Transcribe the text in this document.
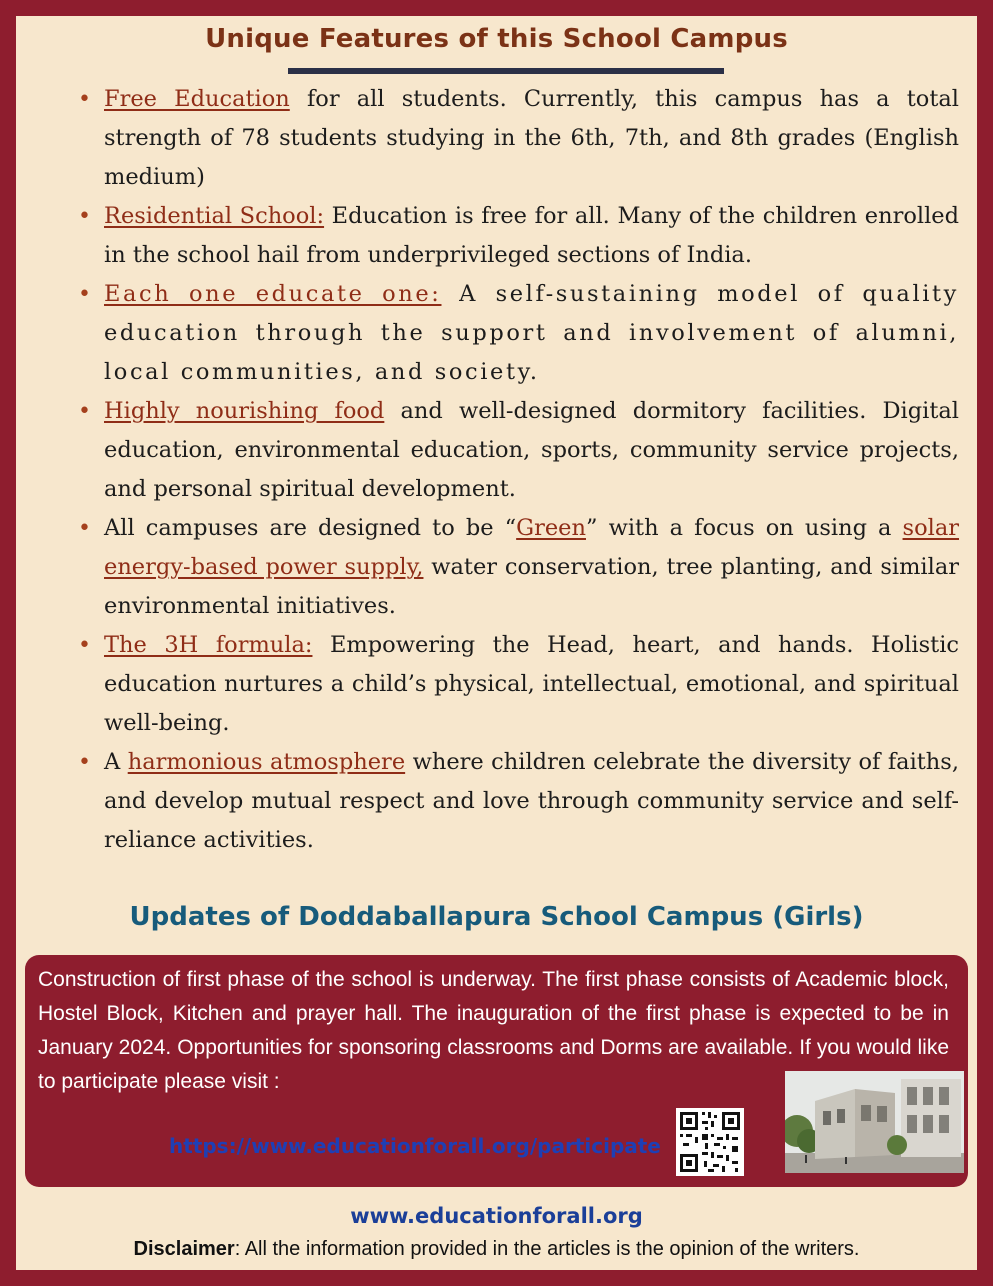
Unique Features of this School Campus
• Free Education for all students. Currently, this campus has a total strength of 78 students studying in the 6th, 7th, and 8th grades (English medium)
• Residential School: Education is free for all. Many of the children enrolled in the school hail from underprivileged sections of India.
• Each one educate one: A self-sustaining model of quality education through the support and involvement of alumni, local communities, and society.
• Highly nourishing food and well-designed dormitory facilities. Digital education, environmental education, sports, community service projects, and personal spiritual development.
• All campuses are designed to be “Green” with a focus on using a solar energy-based power supply, water conservation, tree planting, and similar environmental initiatives.
• The 3H formula: Empowering the Head, heart, and hands. Holistic education nurtures a child’s physical, intellectual, emotional, and spiritual well-being.
• A harmonious atmosphere where children celebrate the diversity of faiths, and develop mutual respect and love through community service and self-reliance activities.
Updates of Doddaballapura School Campus (Girls)

Construction of first phase of the school is underway. The first phase consists of Academic block, Hostel Block, Kitchen and prayer hall. The inauguration of the first phase is expected to be in January 2024. Opportunities for sponsoring classrooms and Dorms are available. If you would like to participate please visit :

https://www.educationforall.org/participate
www.educationforall.org
Disclaimer: All the information provided in the articles is the opinion of the writers.
